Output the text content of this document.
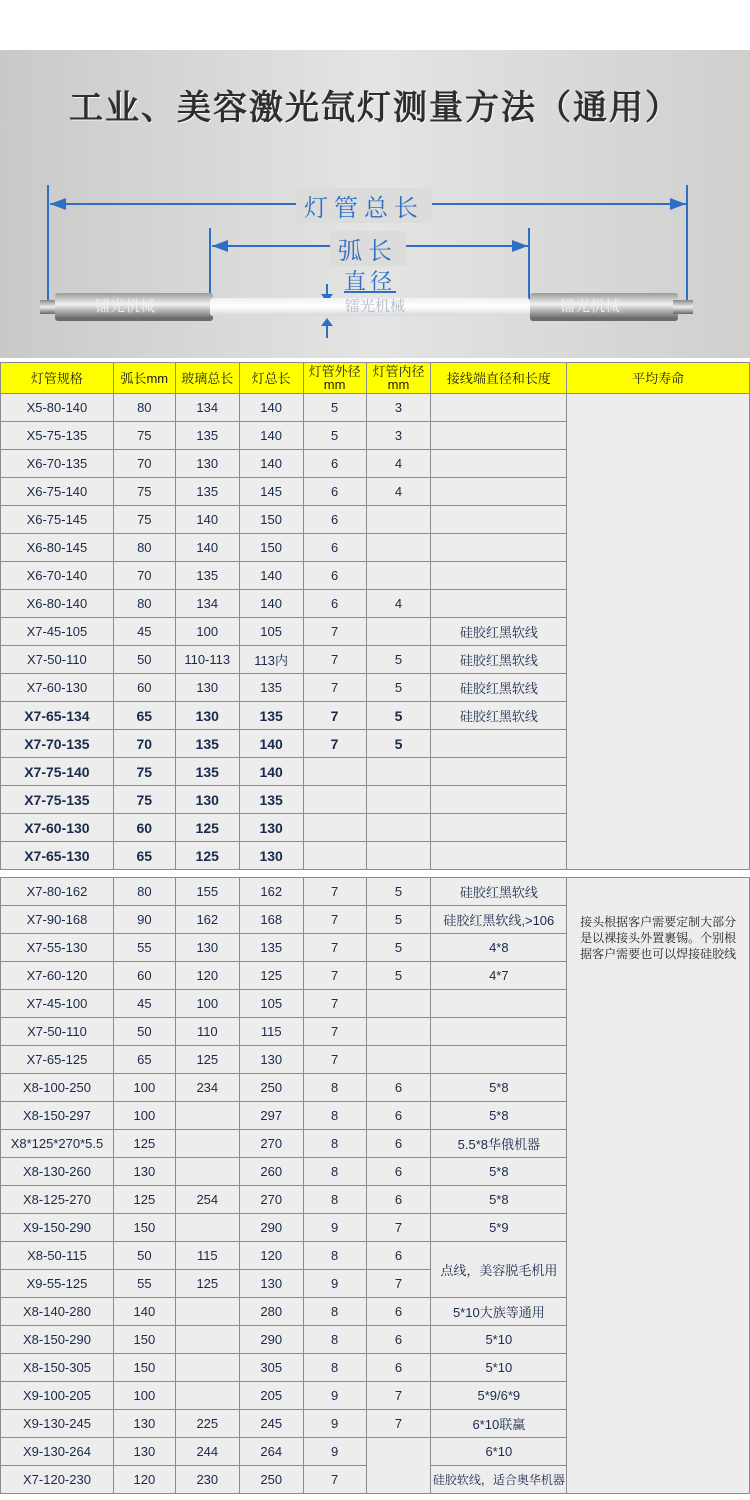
工业、美容激光氙灯测量方法（通用）
灯管总长
弧长
直径
镭光机械	镭光机械	镭光机械
灯管规格	弧长mm	玻璃总长	灯总长	灯管外径mm	灯管内径mm	接线端直径和长度	平均寿命
X5-80-140	80	134	140	5	3		
X5-75-135	75	135	140	5	3		
X6-70-135	70	130	140	6	4		
X6-75-140	75	135	145	6	4		
X6-75-145	75	140	150	6			
X6-80-145	80	140	150	6			
X6-70-140	70	135	140	6			
X6-80-140	80	134	140	6	4		
X7-45-105	45	100	105	7		硅胶红黑软线	
X7-50-110	50	110-113	113内	7	5	硅胶红黑软线	
X7-60-130	60	130	135	7	5	硅胶红黑软线	
X7-65-134	65	130	135	7	5	硅胶红黑软线	
X7-70-135	70	135	140	7	5		
X7-75-140	75	135	140				
X7-75-135	75	130	135				
X7-60-130	60	125	130				
X7-65-130	65	125	130				
X7-80-162	80	155	162	7	5	硅胶红黑软线	接头根据客户需要定制大部分是以裸接头外置裹锡。个别根据客户需要也可以焊接硅胶线
X7-90-168	90	162	168	7	5	硅胶红黑软线,>106	
X7-55-130	55	130	135	7	5	4*8	
X7-60-120	60	120	125	7	5	4*7	
X7-45-100	45	100	105	7			
X7-50-110	50	110	115	7			
X7-65-125	65	125	130	7			
X8-100-250	100	234	250	8	6	5*8	
X8-150-297	100		297	8	6	5*8	
X8*125*270*5.5	125		270	8	6	5.5*8华俄机器	
X8-130-260	130		260	8	6	5*8	
X8-125-270	125	254	270	8	6	5*8	
X9-150-290	150		290	9	7	5*9	
X8-50-115	50	115	120	8	6	点线，美容脱毛机用	
X9-55-125	55	125	130	9	7		
X8-140-280	140		280	8	6	5*10大族等通用	
X8-150-290	150		290	8	6	5*10	
X8-150-305	150		305	8	6	5*10	
X9-100-205	100		205	9	7	5*9/6*9	
X9-130-245	130	225	245	9	7	6*10联赢	
X9-130-264	130	244	264	9		6*10	
X7-120-230	120	230	250	7		硅胶软线，适合奥华机器	
